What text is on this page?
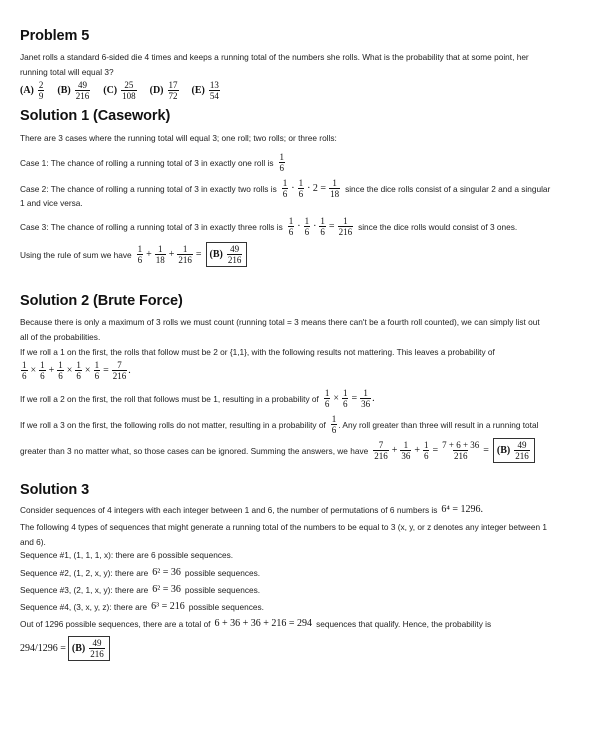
Problem 5
Janet rolls a standard 6-sided die 4 times and keeps a running total of the numbers she rolls. What is the probability that at some point, her
running total will equal 3?
$(A) \frac{2}{9} (B) \frac{49}{216} (C) \frac{25}{108} (D) \frac{17}{72} (E) \frac{13}{54}$
Solution 1 (Casework)
There are 3 cases where the running total will equal 3; one roll; two rolls; or three rolls:
Case 1: The chance of rolling a running total of 3 in exactly one roll is $\frac{1}{6}$
Case 2: The chance of rolling a running total of 3 in exactly two rolls is $\frac{1}{6} \cdot \frac{1}{6} \cdot 2 = \frac{1}{18}$ since the dice rolls consist of a singular 2 and a singular
1 and vice versa.
Case 3: The chance of rolling a running total of 3 in exactly three rolls is $\frac{1}{6} \cdot \frac{1}{6} \cdot \frac{1}{6} = \frac{1}{216}$ since the dice rolls would consist of 3 ones.
Using the rule of sum we have $\frac{1}{6} + \frac{1}{18} + \frac{1}{216} = (B) \frac{49}{216}$
Solution 2 (Brute Force)
Because there is only a maximum of 3 rolls we must count (running total = 3 means there can't be a fourth roll counted), we can simply list out
all of the probabilities.
If we roll a 1 on the first, the rolls that follow must be 2 or {1,1}, with the following results not mattering. This leaves a probability of
$\frac{1}{6} \times \frac{1}{6} + \frac{1}{6} \times \frac{1}{6} \times \frac{1}{6} = \frac{7}{216}$ .
If we roll a 2 on the first, the roll that follows must be 1, resulting in a probability of $\frac{1}{6} \times \frac{1}{6} = \frac{1}{36}$ .
If we roll a 3 on the first, the following rolls do not matter, resulting in a probability of $\frac{1}{6}$ . Any roll greater than three will result in a running total
greater than 3 no matter what, so those cases can be ignored. Summing the answers, we have $\frac{7}{216} + \frac{1}{36} + \frac{1}{6} = \frac{7 + 6 + 36}{216} = (B) \frac{49}{216}$
Solution 3
Consider sequences of 4 integers with each integer between 1 and 6, the number of permutations of 6 numbers is 6⁴ = 1296.
The following 4 types of sequences that might generate a running total of the numbers to be equal to 3 (x, y, or z denotes any integer between 1
and 6).
Sequence #1, (1, 1, 1, x): there are 6 possible sequences.
Sequence #2, (1, 2, x, y): there are 6² = 36 possible sequences.
Sequence #3, (2, 1, x, y): there are 6² = 36 possible sequences.
Sequence #4, (3, x, y, z): there are 6³ = 216 possible sequences.
Out of 1296 possible sequences, there are a total of 6 + 36 + 36 + 216 = 294 sequences that qualify. Hence, the probability is
$294/1296 = (B) \frac{49}{216}$
